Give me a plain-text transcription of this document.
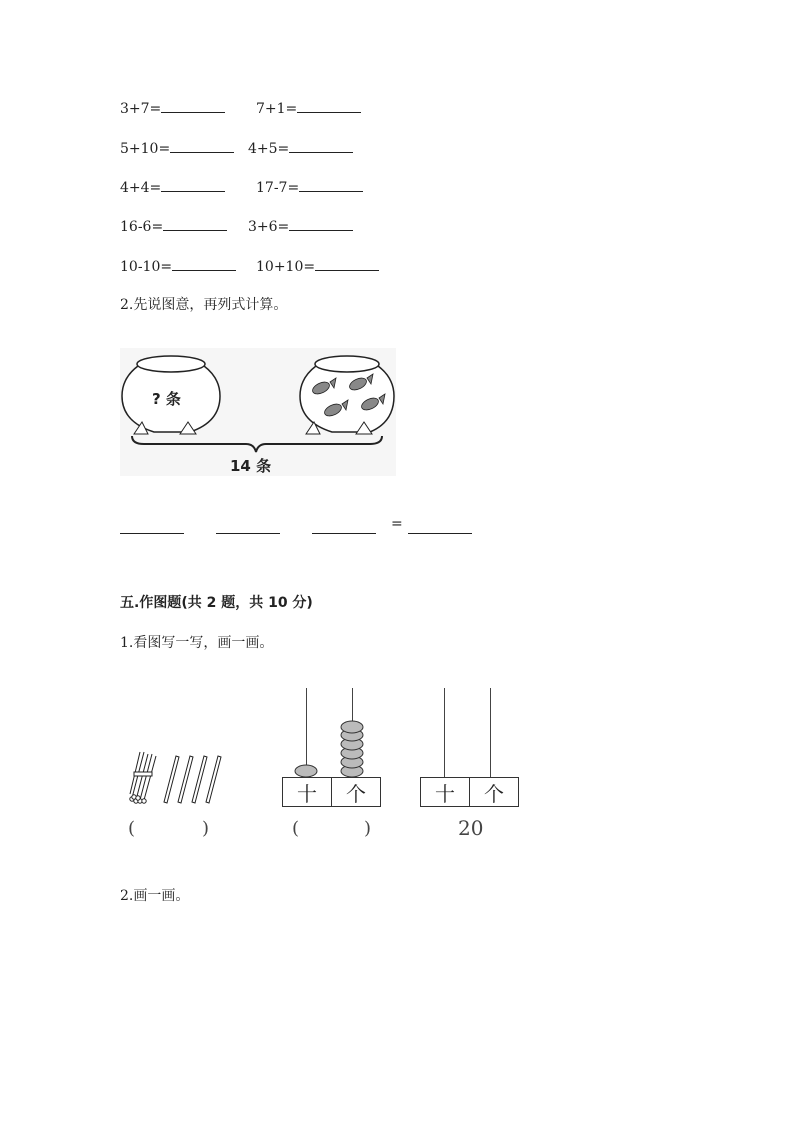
3+7=	7+1=
5+10=	4+5=
4+4=	17-7=
16-6=	3+6=
10-10=	10+10=
2.先说图意，再列式计算。
? 条
14 条
=
五.作图题(共 2 题，共 10 分)
1.看图写一写，画一画。
(	)
十	个
(	)
十	个
20
2.画一画。
